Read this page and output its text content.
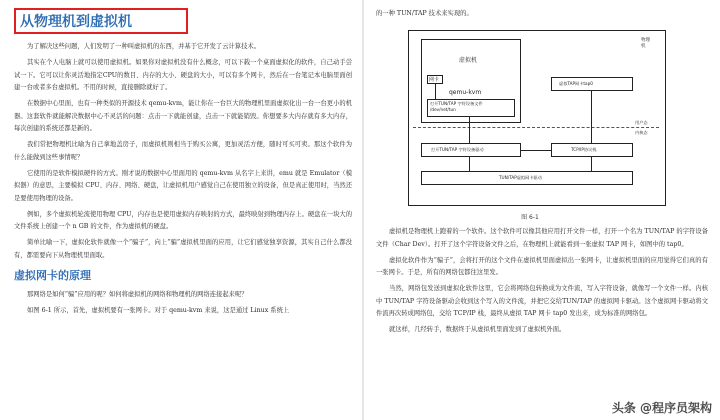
从物理机到虚拟机

为了解决这些问题，人们发明了一种叫虚拟机的东西，并基于它开发了云计算技术。

其实在个人电脑上就可以使用虚拟机。如果你对虚拟机没有什么概念，可以下载一个桌面虚拟化的软件，自己动手尝试一下。它可以让你灵活地指定CPU的数目、内存的大小、硬盘的大小，可以有多个网卡，然后在一台笔记本电脑里面创建一台或者多台虚拟机。不用的时候，直接删除就好了。

在数据中心里面，也有一种类似的开源技术 qemu-kvm，能让你在一台巨大的物理机里面虚拟化出一台一台更小的机器。这套软件就能解决数据中心不灵活的问题：点击一下就能创建，点击一下就能销毁。你想要多大内存就有多大内存，每次创建的系统还都是新的。

我们常把物理机比喻为自己拿地盖房子，而虚拟机则相当于购买公寓，更加灵活方便，随时可买可卖。那这个软件为什么能做到这些事情呢？

它使用的是软件模拟硬件的方式。刚才说的数据中心里面用的 qemu-kvm 从名字上来讲，emu 就是 Emulator（模拟器）的意思，主要模拟 CPU、内存、网络、硬盘，让虚拟机用户感觉自己在使用独立的设备，但是真正使用时，当然还是要使用物理的设备。

例如，多个虚拟机轮流使用物理 CPU，内存也是使用虚拟内存映射的方式，最终映射到物理内存上。硬盘在一块大的文件系统上创建一个 n GB 的文件，作为虚拟机的硬盘。

简单比喻一下，虚拟化软件就像一个“骗子”，向上“骗”虚拟机里面的应用，让它们感觉独享资源，其实自己什么都没有，都需要向下从物理机里面取。

虚拟网卡的原理

那网络是如何“骗”应用的呢？如何将虚拟机的网络和物理机的网络连接起来呢？

如图 6-1 所示，首先，虚拟机要有一张网卡。对于 qemu-kvm 来说，这是通过 Linux 系统上

的一种 TUN/TAP 技术来实现的。

虚拟机
网卡
qemu-kvm
打开TUN/TAP 字符设备文件
/dev/net/tun
物理
机
虚拟TAP网卡tap0
用户态
内核态
打开TUN/TAP 字符设备驱动	TCP/IP协议栈
TUN/TAP虚拟网卡驱动
图 6-1

虚拟机是物理机上跑着的一个软件。这个软件可以像其他应用打开文件一样，打开一个名为 TUN/TAP 的字符设备文件（Char Dev）。打开了这个字符设备文件之后，在物理机上就能看到一张虚拟 TAP 网卡，如图中的 tap0。

虚拟化软件作为“骗子”，会将打开的这个文件在虚拟机里面虚拟出一张网卡，让虚拟机里面的应用觉得它们真的有一张网卡。于是，所有的网络包都往这里发。

当然，网络包发送到虚拟化软件这里，它会将网络包转换成为文件流，写入字符设备，就像写一个文件一样。内核中 TUN/TAP 字符设备驱动会收到这个写入的文件流，并把它交给TUN/TAP 的虚拟网卡驱动。这个虚拟网卡驱动将文件流再次转成网络包，交给 TCP/IP 栈，最终从虚拟 TAP 网卡 tap0 发出来，成为标准的网络包。

就这样，几经转手，数据终于从虚拟机里面发到了虚拟机外面。

头条 @程序员架构
